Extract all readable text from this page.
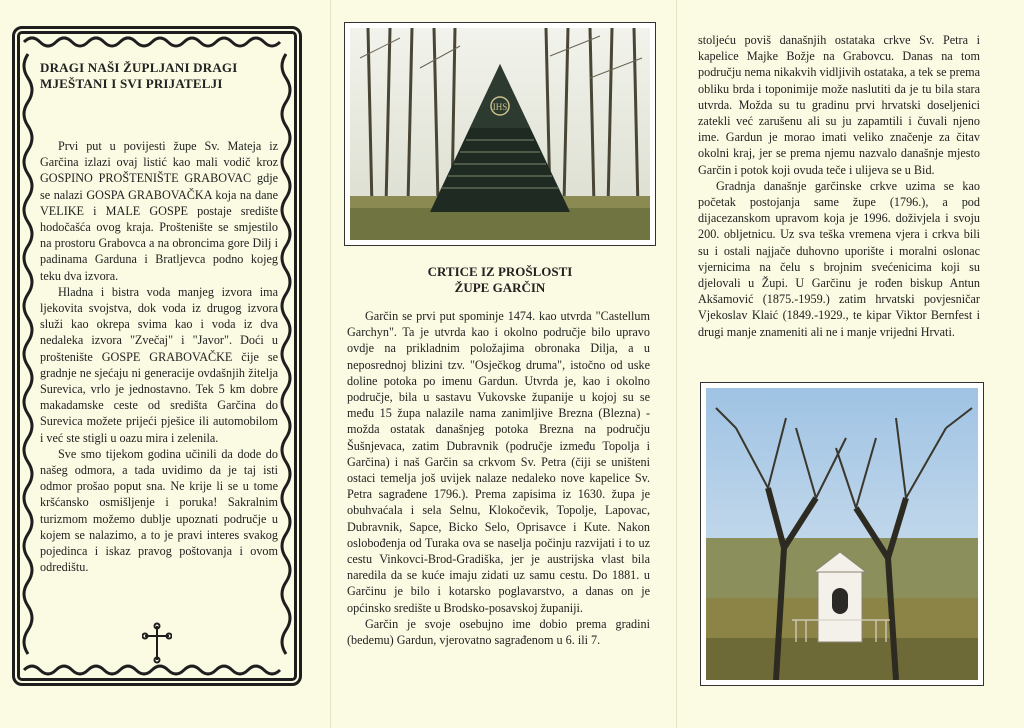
DRAGI NAŠI ŽUPLJANI DRAGI MJEŠTANI I SVI PRIJATELJI

Prvi put u povijesti župe Sv. Mateja iz Garčina izlazi ovaj listić kao mali vodič kroz GOSPINO PROŠTENIŠTE GRABOVAC gdje se nalazi GOSPA GRABOVAČKA koja na dane VELIKE i MALE GOSPE postaje središte hodočašća ovog kraja. Proštenište se smjestilo na prostoru Grabovca a na obroncima gore Dilj i padinama Garduna i Bratljevca podno kojeg teku dva izvora.

Hladna i bistra voda manjeg izvora ima ljekovita svojstva, dok voda iz drugog izvora služi kao okrepa svima kao i voda iz dva nedalеka izvora "Zvečaj" i "Javor". Doći u proštenište GOSPE GRABOVAČKE čije se gradnje ne sjećaju ni generacije ovdašnjih žitelja Surevica, vrlo je jednostavno. Tek 5 km dobre makadamske ceste od središta Garčina do Surevica možete prijeći pješice ili automobilom i već ste stigli u oazu mira i zelenila.

Sve smo tijekom godina učinili da dode do našeg odmora, a tada uvidimo da je taj isti odmor prošao poput sna. Ne krije li se u tome kršćansko osmišljenje i poruka! Sakralnim turizmom možemo dublje upoznati područje u kojem se nalazimo, a to je pravi interes svakog pojedinca i iskaz pravog poštovanja i ovom odredištu.

IHS
CRTICE IZ PROŠLOSTI
ŽUPE GARČIN

Garčin se prvi put spominje 1474. kao utvrda "Castellum Garchyn". Ta je utvrda kao i okolno područje bilo upravo ovdje na prikladnim položajima obronaka Dilja, a u neposrednoj blizini tzv. "Osječkog druma", istočno od uske doline potoka po imenu Gardun. Utvrda je, kao i okolno područje, bila u sastavu Vukovske županije u kojoj su se među 15 župa nalazile nama zanimljive Brezna (Blezna) - možda ostatak današnjeg potoka Brezna na području Šušnjevaca, zatim Dubravnik (područje između Topolja i Garčina) i naš Garčin sa crkvom Sv. Petra (čiji se uništeni ostaci temelja još uvijek nalaze nedaleko nove kapelice Sv. Petra sagrađene 1796.). Prema zapisima iz 1630. župa je obuhvaćala i sela Selnu, Klokočevik, Topolje, Lapovac, Dubravnik, Sapce, Bicko Selo, Oprisavce i Kute. Nakon oslobođenja od Turaka ova se naselja počinju razvijati i to uz cestu Vinkovci-Brod-Gradiška, jer je austrijska vlast bila naredila da se kuće imaju zidati uz samu cestu. Do 1881. u Garčinu je bilo i kotarsko poglavarstvo, a danas on je općinsko središte u Brodsko-posavskoj županiji.

Garčin je svoje osebujno ime dobio prema gradini (bedemu) Gardun, vjerovatno sagrađenom u 6. ili 7.

stoljeću poviš današnjih ostataka crkve Sv. Petra i kapelice Majke Božje na Grabovcu. Danas na tom području nema nikakvih vidljivih ostataka, a tek se prema obliku brda i toponimije može naslutiti da je tu bila stara utvrda. Možda su tu gradinu prvi hrvatski doseljenici zatekli već zarušenu ali su ju zapamtili i čuvali njeno ime. Gardun je morao imati veliko značenje za čitav okolni kraj, jer se prema njemu nazvalo današnje mjesto Garčin i potok koji ovuda teče i ulijeva se u Bid.

Gradnja današnje garčinske crkve uzima se kao početak postojanja same župe (1796.), a pod dijacezanskom upravom koja je 1996. doživjela i svoju 200. obljetnicu. Uz sva teška vremena vjera i crkva bili su i ostali najjače duhovno uporište i moralni oslonac vjernicima na čelu s brojnim svećenicima koji su djelovali u Župi. U Garčinu je rođen biskup Antun Akšamović (1875.-1959.) zatim hrvatski povjesničar Vjekoslav Klaić (1849.-1929., te kipar Viktor Bernfest i drugi manje znameniti ali ne i manje vrijedni Hrvati.
